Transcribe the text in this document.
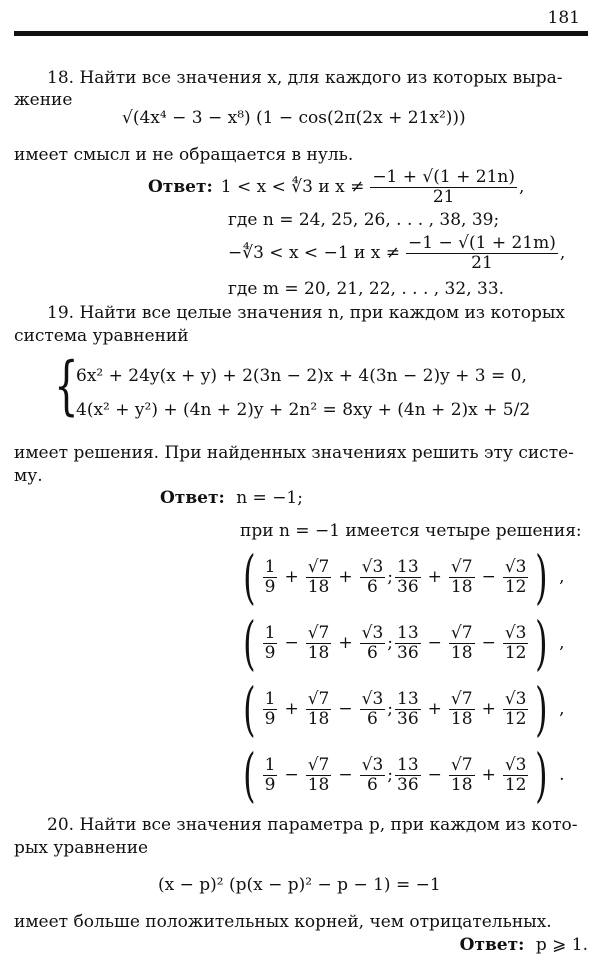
181
18. Найти все значения x, для каждого из которых выра-
жение
√(4x⁴ − 3 − x⁸) (1 − cos(2π(2x + 21x²)))
имеет смысл и не обращается в нуль.
Ответ: 1 < x < ∜3 и $x \ne \frac{-1 + √(1 + 21n)}{21}$ ,
где n = 24, 25, 26, . . . , 38, 39;
−∜3 < x < −1 и $x \ne \frac{-1 - √(1 + 21m)}{21}$ ,
где m = 20, 21, 22, . . . , 32, 33.
19. Найти все целые значения n, при каждом из которых
система уравнений
{
6x² + 24y(x + y) + 2(3n − 2)x + 4(3n − 2)y + 3 = 0,
4(x² + y²) + (4n + 2)y + 2n² = 8xy + (4n + 2)x + 5/2
имеет решения. При найденных значениях решить эту систе-
му.
Ответ: n = −1;
при n = −1 имеется четыре решения:
( $\frac{1}{9} + \frac{√7}{18} + \frac{√3}{6}$ ; $\frac{13}{36} + \frac{√7}{18} - \frac{√3}{12}$ ) ,
( $\frac{1}{9} - \frac{√7}{18} + \frac{√3}{6}$ ; $\frac{13}{36} - \frac{√7}{18} - \frac{√3}{12}$ ) ,
( $\frac{1}{9} + \frac{√7}{18} - \frac{√3}{6}$ ; $\frac{13}{36} + \frac{√7}{18} + \frac{√3}{12}$ ) ,
( $\frac{1}{9} - \frac{√7}{18} - \frac{√3}{6}$ ; $\frac{13}{36} - \frac{√7}{18} + \frac{√3}{12}$ ) .
20. Найти все значения параметра p, при каждом из кото-
рых уравнение
(x − p)² (p(x − p)² − p − 1) = −1
имеет больше положительных корней, чем отрицательных.
Ответ: p ⩾ 1.
